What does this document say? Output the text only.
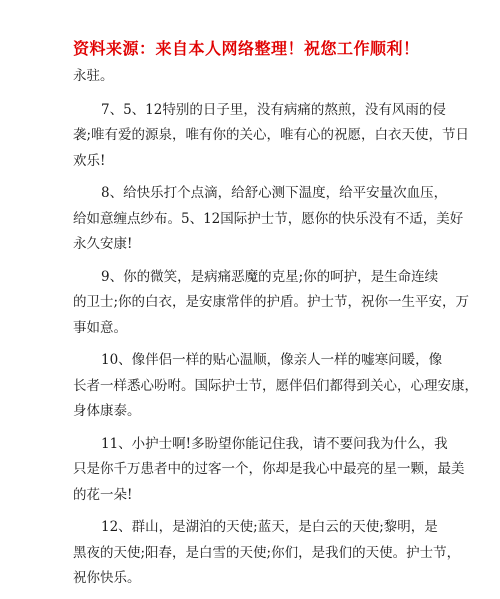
资料来源：来自本人网络整理！祝您工作顺利！

永驻。

7、5、12特别的日子里，没有病痛的熬煎，没有风雨的侵
袭;唯有爱的源泉，唯有你的关心，唯有心的祝愿，白衣天使，节日
欢乐!

8、给快乐打个点滴，给舒心测下温度，给平安量次血压，
给如意缠点纱布。5、12国际护士节，愿你的快乐没有不适，美好
永久安康!

9、你的微笑，是病痛恶魔的克星;你的呵护，是生命连续
的卫士;你的白衣，是安康常伴的护盾。护士节，祝你一生平安，万
事如意。

10、像伴侣一样的贴心温顺，像亲人一样的嘘寒问暖，像
长者一样悉心吩咐。国际护士节，愿伴侣们都得到关心，心理安康，
身体康泰。

11、小护士啊!多盼望你能记住我，请不要问我为什么，我
只是你千万患者中的过客一个，你却是我心中最亮的星一颗，最美
的花一朵!

12、群山，是湖泊的天使;蓝天，是白云的天使;黎明，是
黑夜的天使;阳春，是白雪的天使;你们，是我们的天使。护士节，
祝你快乐。
